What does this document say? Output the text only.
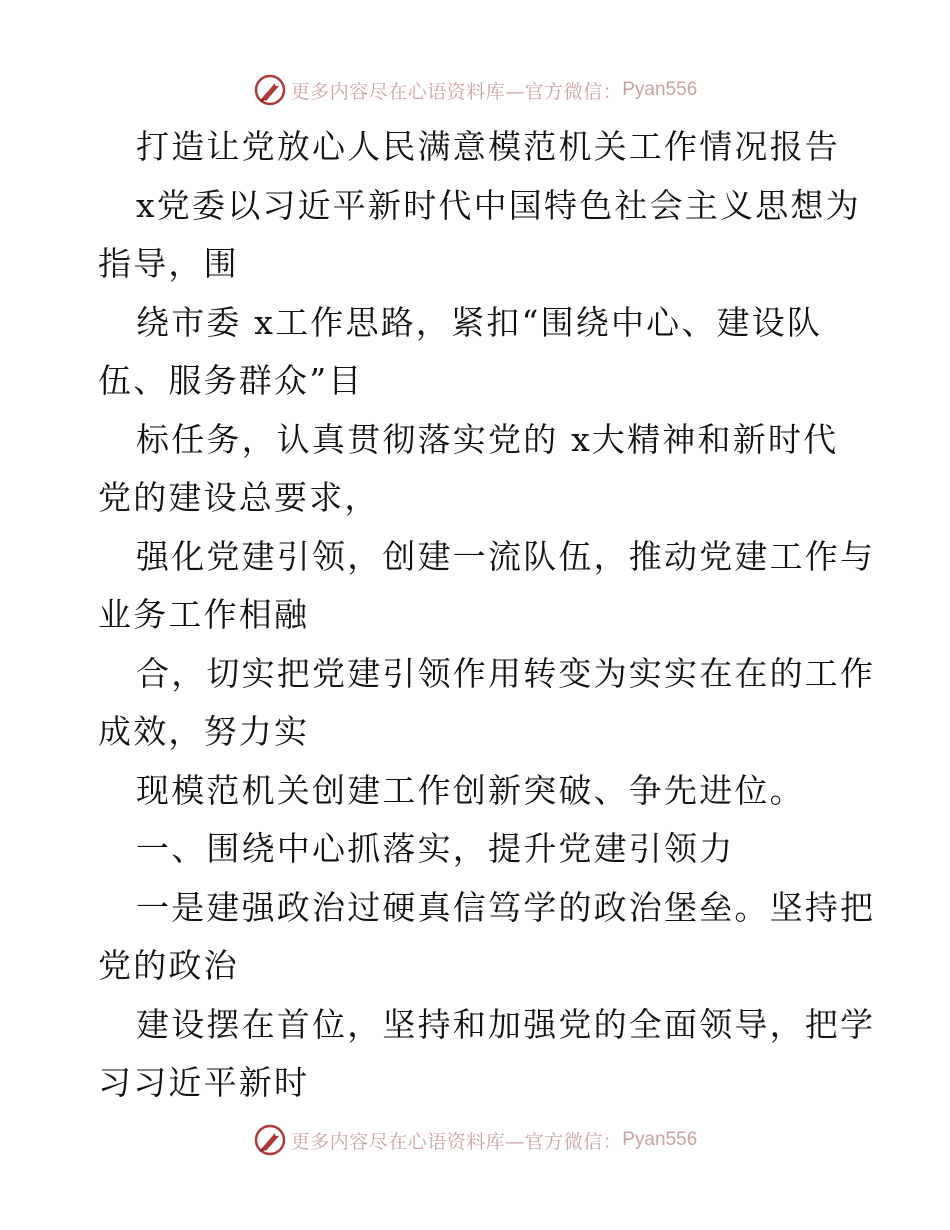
更多内容尽在心语资料库—官方微信： Pyan556
打造让党放心人民满意模范机关工作情况报告
x党委以习近平新时代中国特色社会主义思想为
指导，围
绕市委 x工作思路，紧扣“围绕中心、建设队
伍、服务群众”目
标任务，认真贯彻落实党的 x大精神和新时代
党的建设总要求，
强化党建引领，创建一流队伍，推动党建工作与
业务工作相融
合，切实把党建引领作用转变为实实在在的工作
成效，努力实
现模范机关创建工作创新突破、争先进位。
一、围绕中心抓落实，提升党建引领力
一是建强政治过硬真信笃学的政治堡垒。坚持把
党的政治
建设摆在首位，坚持和加强党的全面领导，把学
习习近平新时
更多内容尽在心语资料库—官方微信： Pyan556
